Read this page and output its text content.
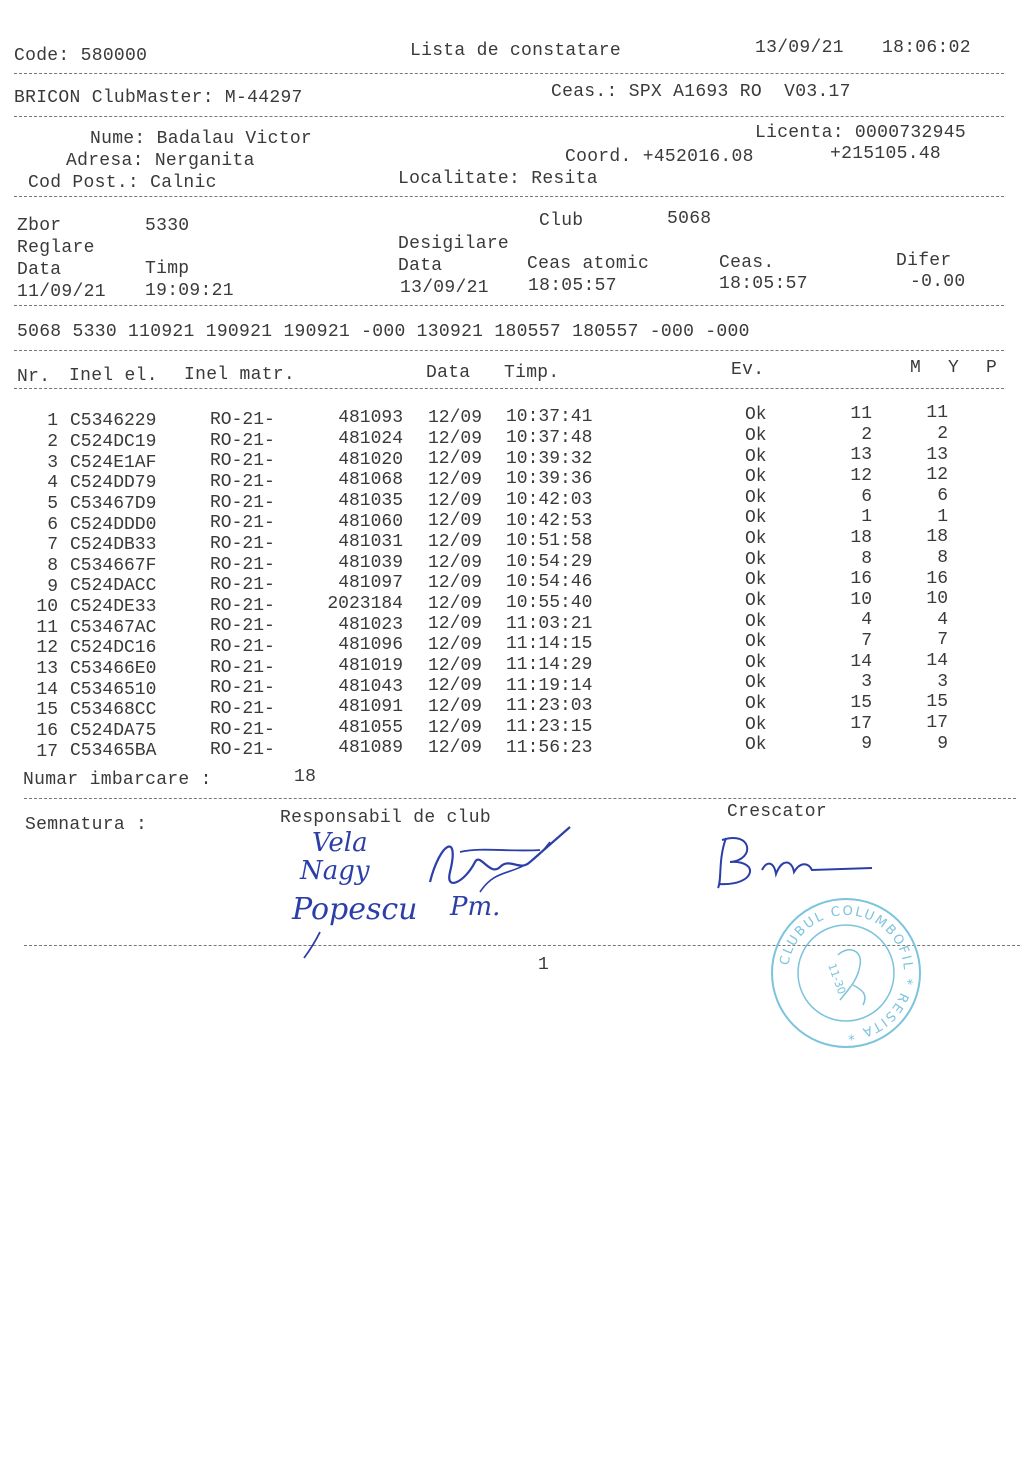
Code: 580000	Lista de constatare	13/09/21 18:06:02
BRICON ClubMaster: M-44297	Ceas.: SPX A1693 RO  V03.17
Nume: Badalau Victor
Adresa: Nerganita
Cod Post.: Calnic
Licenta: 0000732945
Coord. +452016.08	+215105.48
Localitate: Resita
Zbor	5330	Club	5068
Reglare	Desigilare
Data	Timp	Data	Ceas atomic	Ceas.	Difer
11/09/21 19:09:21	13/09/21 18:05:57	18:05:57	-0.00
5068 5330 110921 190921 190921 -000 130921 180557 180557 -000 -000
Nr. Inel el. Inel matr.	Data Timp.	Ev.	M Y P
1 C5346229	RO-21-	481093 12/09 10:37:41	Ok	11	11
2 C524DC19	RO-21-	481024 12/09 10:37:48	Ok	2	2
3 C524E1AF	RO-21-	481020 12/09 10:39:32	Ok	13	13
4 C524DD79	RO-21-	481068 12/09 10:39:36	Ok	12	12
5 C53467D9	RO-21-	481035 12/09 10:42:03	Ok	6	6
6 C524DDD0	RO-21-	481060 12/09 10:42:53	Ok	1	1
7 C524DB33	RO-21-	481031 12/09 10:51:58	Ok	18	18
8 C534667F	RO-21-	481039 12/09 10:54:29	Ok	8	8
9 C524DACC	RO-21-	481097 12/09 10:54:46	Ok	16	16
10 C524DE33	RO-21-	2023184 12/09 10:55:40	Ok	10	10
11 C53467AC	RO-21-	481023 12/09 11:03:21	Ok	4	4
12 C524DC16	RO-21-	481096 12/09 11:14:15	Ok	7	7
13 C53466E0	RO-21-	481019 12/09 11:14:29	Ok	14	14
14 C5346510	RO-21-	481043 12/09 11:19:14	Ok	3	3
15 C53468CC	RO-21-	481091 12/09 11:23:03	Ok	15	15
16 C524DA75	RO-21-	481055 12/09 11:23:15	Ok	17	17
17 C53465BA	RO-21-	481089 12/09 11:56:23	Ok	9	9
Numar imbarcare :	18
Semnatura :	Responsabil de club	Crescator
Vela
Nagy
Popescu Pm.
1	CLUBUL COLUMBOFIL * RESITA *
11-30
